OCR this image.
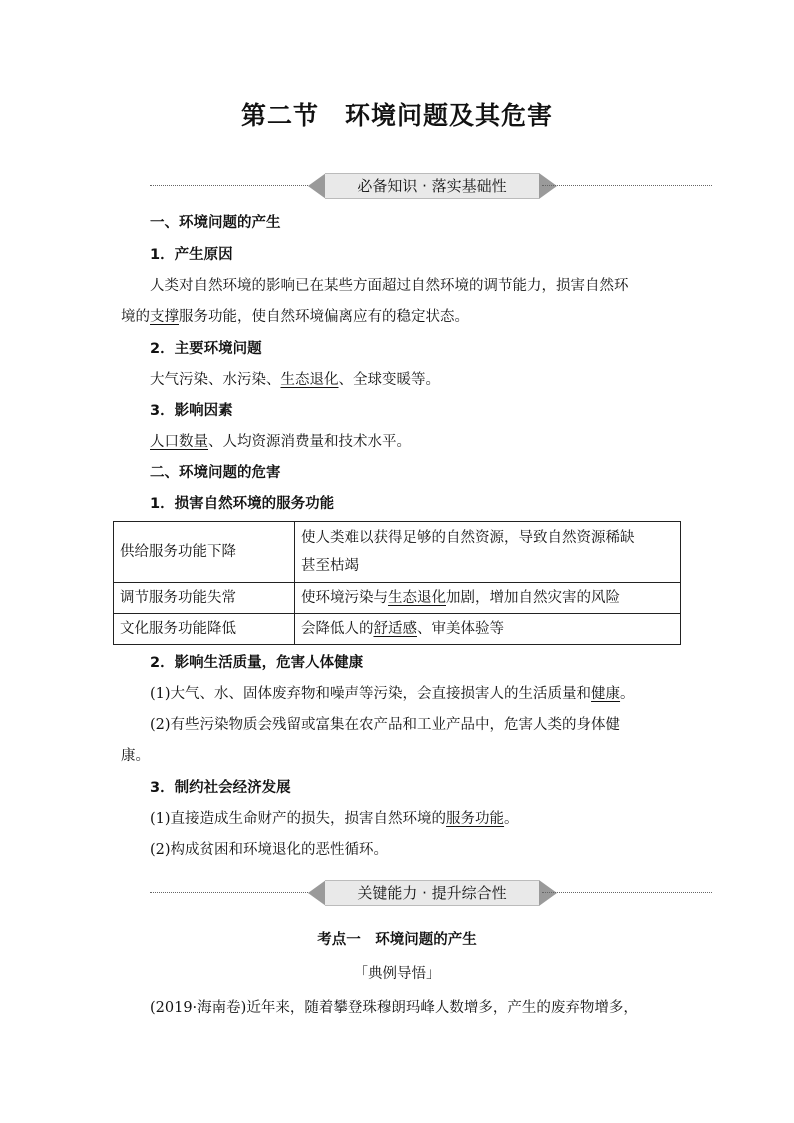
第二节　环境问题及其危害
必备知识 · 落实基础性
一、环境问题的产生
1．产生原因
人类对自然环境的影响已在某些方面超过自然环境的调节能力，损害自然环
境的支撑服务功能，使自然环境偏离应有的稳定状态。
2．主要环境问题
大气污染、水污染、生态退化、全球变暖等。
3．影响因素
人口数量、人均资源消费量和技术水平。
二、环境问题的危害
1．损害自然环境的服务功能
供给服务功能下降	使人类难以获得足够的自然资源，导致自然资源稀缺
甚至枯竭

调节服务功能失常	使环境污染与生态退化加剧，增加自然灾害的风险
文化服务功能降低	会降低人的舒适感、审美体验等
2．影响生活质量，危害人体健康
(1)大气、水、固体废弃物和噪声等污染，会直接损害人的生活质量和健康。
(2)有些污染物质会残留或富集在农产品和工业产品中，危害人类的身体健
康。
3．制约社会经济发展
(1)直接造成生命财产的损失，损害自然环境的服务功能。
(2)构成贫困和环境退化的恶性循环。
关键能力 · 提升综合性
考点一　环境问题的产生
「典例导悟」
(2019·海南卷)近年来，随着攀登珠穆朗玛峰人数增多，产生的废弃物增多，
